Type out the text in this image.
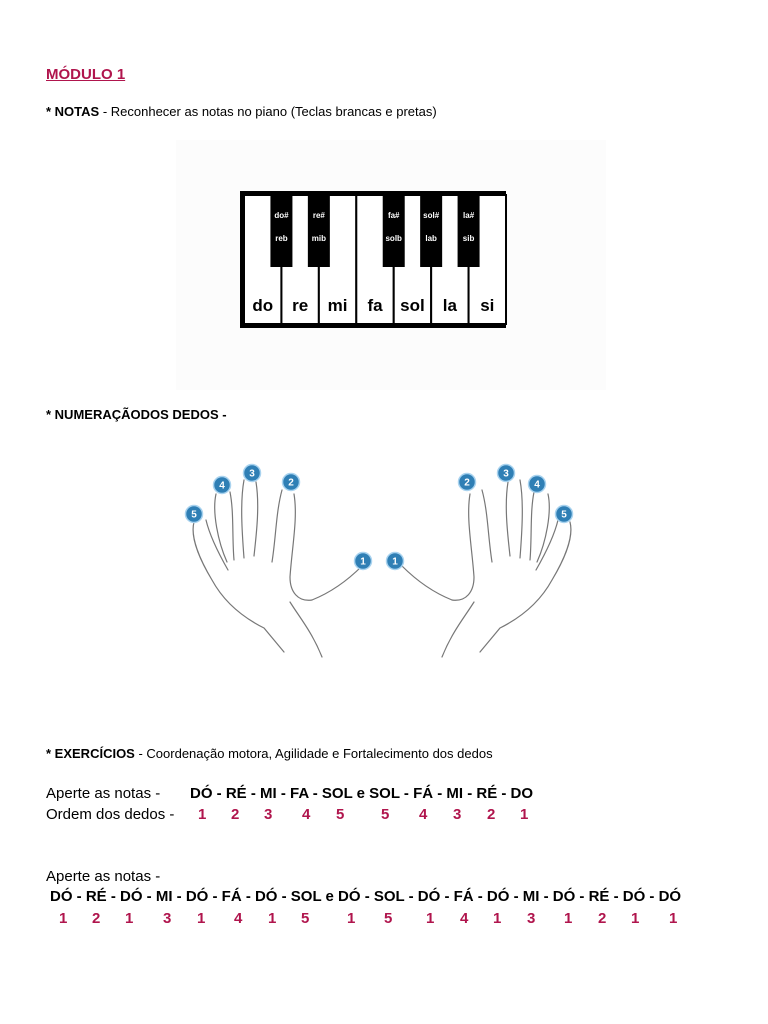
MÓDULO 1
* NOTAS - Reconhecer as notas no piano (Teclas brancas e pretas)
do re mi fa sol la si
do#
reb
re#
mib
fa#
solb
sol#
lab
la#
sib
* NUMERAÇÃODOS DEDOS -
5
4
3
2
1	1
2
3
4
5
* EXERCÍCIOS - Coordenação motora, Agilidade e Fortalecimento dos dedos
Aperte as notas - DÓ - RÉ - MI - FA - SOL e SOL - FÁ - MI - RÉ - DO
Ordem dos dedos - 1 2 3 4 5 5 4 3 2 1
Aperte as notas -
DÓ - RÉ - DÓ - MI - DÓ - FÁ - DÓ - SOL e DÓ - SOL - DÓ - FÁ - DÓ - MI - DÓ - RÉ - DÓ - DÓ
1 2 1 3 1 4 1 5	1 5 1 4 1 3 1 2 1 1
